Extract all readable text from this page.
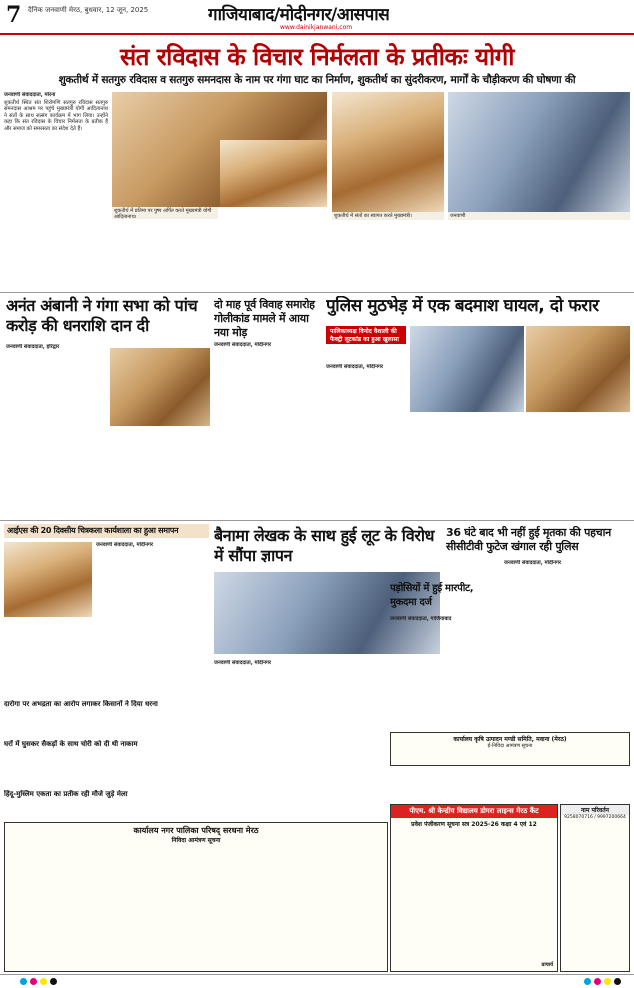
7 दैनिक जनवाणी मेरठ, बुधवार, 12 जून, 2025	गाजियाबाद/मोदीनगर/आसपास
www.dainikjanwani.com
संत रविदास के विचार निर्मलता के प्रतीकः योगी
शुकतीर्थ में सतगुरु रविदास व सतगुरु समनदास के नाम पर गंगा घाट का निर्माण, शुकतीर्थ का सुंदरीकरण, मार्गों के चौड़ीकरण की घोषणा की

जनवाणी संवाददाता, मोरना

शुकतीर्थ स्थित संत शिरोमणि सतगुरु रविदास सतगुरु समनदास आश्रम पर पहुंचे मुख्यमंत्री योगी आदित्यनाथ ने संतों के साथ सत्संग कार्यक्रम में भाग लिया। उन्होंने कहा कि संत रविदास के विचार निर्मलता के प्रतीक हैं और समाज को समरसता का संदेश देते हैं।

शुकतीर्थ में प्रतिमा पर पुष्प अर्पित करते मुख्यमंत्री योगी आदित्यनाथ।	शुकतीर्थ में संतों का स्वागत करते मुख्यमंत्री।	जनवाणी
अनंत अंबानी ने गंगा सभा को पांच करोड़ की धनराशि दान दी
जनवाणी संवाददाता, हरिद्वार
दो माह पूर्व विवाह समारोह गोलीकांड मामले में आया नया मोड़
जनवाणी संवाददाता, मोदीनगर
पुलिस मुठभेड़ में एक बदमाश घायल, दो फरार
पालिकाध्यक्ष विनोद वैशाली की फैक्ट्री लूटकांड का हुआ खुलासा
जनवाणी संवाददाता, मोदीनगर
आईएस की 20 दिवसीय चित्रकला कार्यशाला का हुआ समापन
जनवाणी संवाददाता, मोदीनगर
दारोगा पर अभद्रता का आरोप लगाकर किसानों ने दिया धरना
घरों में घुसकर सैकड़ों के साथ चोरी को दी थी नाकाम
हिंदू-मुस्लिम एकता का प्रतीक रही मौजे जुड़े मेला
बैनामा लेखक के साथ हुई लूट के विरोध में सौंपा ज्ञापन
जनवाणी संवाददाता, मोदीनगर
पड़ोसियों में हुई मारपीट, मुकदमा दर्ज
जनवाणी संवाददाता, गाजियाबाद
36 घंटे बाद भी नहीं हुई मृतका की पहचान सीसीटीवी फुटेज खंगाल रही पुलिस
जनवाणी संवाददाता, मोदीनगर
कार्यालय कृषि उत्पादन मण्डी समिति, मवाना (मेरठ)
ई-निविदा आमंत्रण सूचना
कार्यालय नगर पालिका परिषद् सरधना मेरठ
निविदा आमंत्रण सूचना
पीएम. श्री केन्द्रीय विद्यालय डोगरा लाइन्स मेरठ कैंट
प्रवेश पंजीकरण सूचना सत्र 2025-26 कक्षा 4 एवं 12
प्राचार्य
नाम परिवर्तन
9258070716 / 9997200664
